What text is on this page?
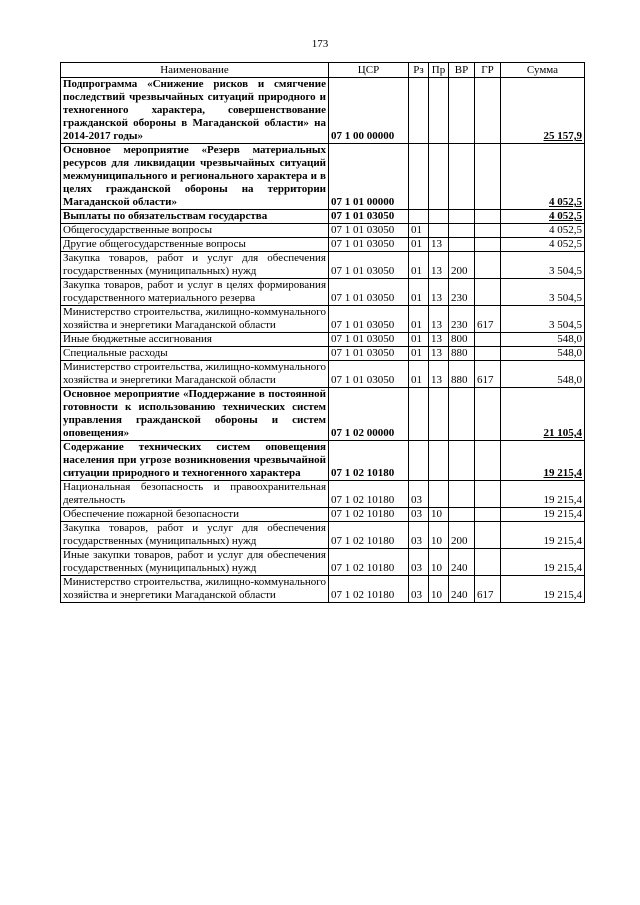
173
Наименование	ЦСР	Рз	Пр	ВР	ГР	Сумма
Подпрограмма «Снижение рисков и смягчение последствий чрезвычайных ситуаций природного и техногенного характера, совершенствование гражданской обороны в Магаданской области» на 2014-2017 годы»	07 1 00 00000					25 157,9
Основное мероприятие «Резерв материальных ресурсов для ликвидации чрезвычайных ситуаций межмуниципального и регионального характера и в целях гражданской обороны на территории Магаданской области»	07 1 01 00000					4 052,5
Выплаты по обязательствам государства	07 1 01 03050					4 052,5
Общегосударственные вопросы	07 1 01 03050	01				4 052,5
Другие общегосударственные вопросы	07 1 01 03050	01	13			4 052,5
Закупка товаров, работ и услуг для обеспечения государственных (муниципальных) нужд	07 1 01 03050	01	13	200		3 504,5
Закупка товаров, работ и услуг в целях формирования государственного материального резерва	07 1 01 03050	01	13	230		3 504,5
Министерство строительства, жилищно-коммунального хозяйства и энергетики Магаданской области	07 1 01 03050	01	13	230	617	3 504,5
Иные бюджетные ассигнования	07 1 01 03050	01	13	800		548,0
Специальные расходы	07 1 01 03050	01	13	880		548,0
Министерство строительства, жилищно-коммунального хозяйства и энергетики Магаданской области	07 1 01 03050	01	13	880	617	548,0
Основное мероприятие «Поддержание в постоянной готовности к использованию технических систем управления гражданской обороны и систем оповещения»	07 1 02 00000					21 105,4
Содержание технических систем оповещения населения при угрозе возникновения чрезвычайной ситуации природного и техногенного характера	07 1 02 10180					19 215,4
Национальная безопасность и правоохранительная деятельность	07 1 02 10180	03				19 215,4
Обеспечение пожарной безопасности	07 1 02 10180	03	10			19 215,4
Закупка товаров, работ и услуг для обеспечения государственных (муниципальных) нужд	07 1 02 10180	03	10	200		19 215,4
Иные закупки товаров, работ и услуг для обеспечения государственных (муниципальных) нужд	07 1 02 10180	03	10	240		19 215,4
Министерство строительства, жилищно-коммунального хозяйства и энергетики Магаданской области	07 1 02 10180	03	10	240	617	19 215,4
